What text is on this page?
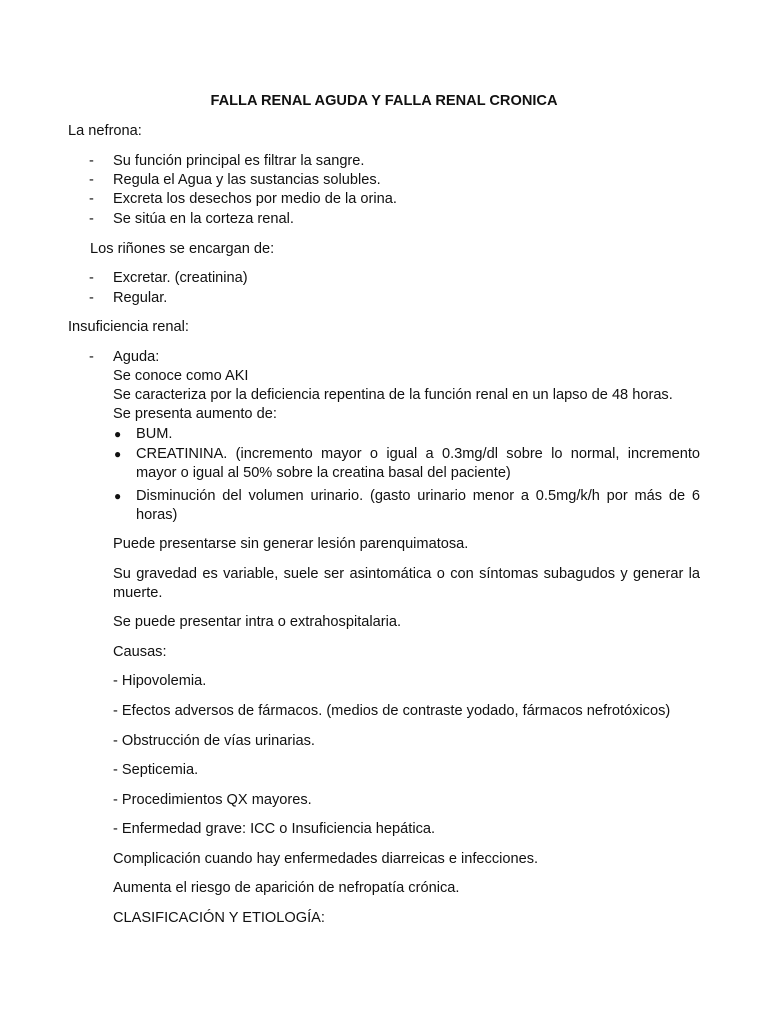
FALLA RENAL AGUDA Y FALLA RENAL CRONICA
La nefrona:
- Su función principal es filtrar la sangre.
- Regula el Agua y las sustancias solubles.
- Excreta los desechos por medio de la orina.
- Se sitúa en la corteza renal.
Los riñones se encargan de:
- Excretar. (creatinina)
- Regular.
Insuficiencia renal:
- Aguda:
Se conoce como AKI
Se caracteriza por la deficiencia repentina de la función renal en un lapso de 48 horas.
Se presenta aumento de:
● BUM.
● CREATININA. (incremento mayor o igual a 0.3mg/dl sobre lo normal, incremento mayor o igual al 50% sobre la creatina basal del paciente)
● Disminución del volumen urinario. (gasto urinario menor a 0.5mg/k/h por más de 6 horas)
Puede presentarse sin generar lesión parenquimatosa.
Su gravedad es variable, suele ser asintomática o con síntomas subagudos y generar la muerte.
Se puede presentar intra o extrahospitalaria.
Causas:
- Hipovolemia.
- Efectos adversos de fármacos. (medios de contraste yodado, fármacos nefrotóxicos)
- Obstrucción de vías urinarias.
- Septicemia.
- Procedimientos QX mayores.
- Enfermedad grave: ICC o Insuficiencia hepática.
Complicación cuando hay enfermedades diarreicas e infecciones.
Aumenta el riesgo de aparición de nefropatía crónica.
CLASIFICACIÓN Y ETIOLOGÍA:
